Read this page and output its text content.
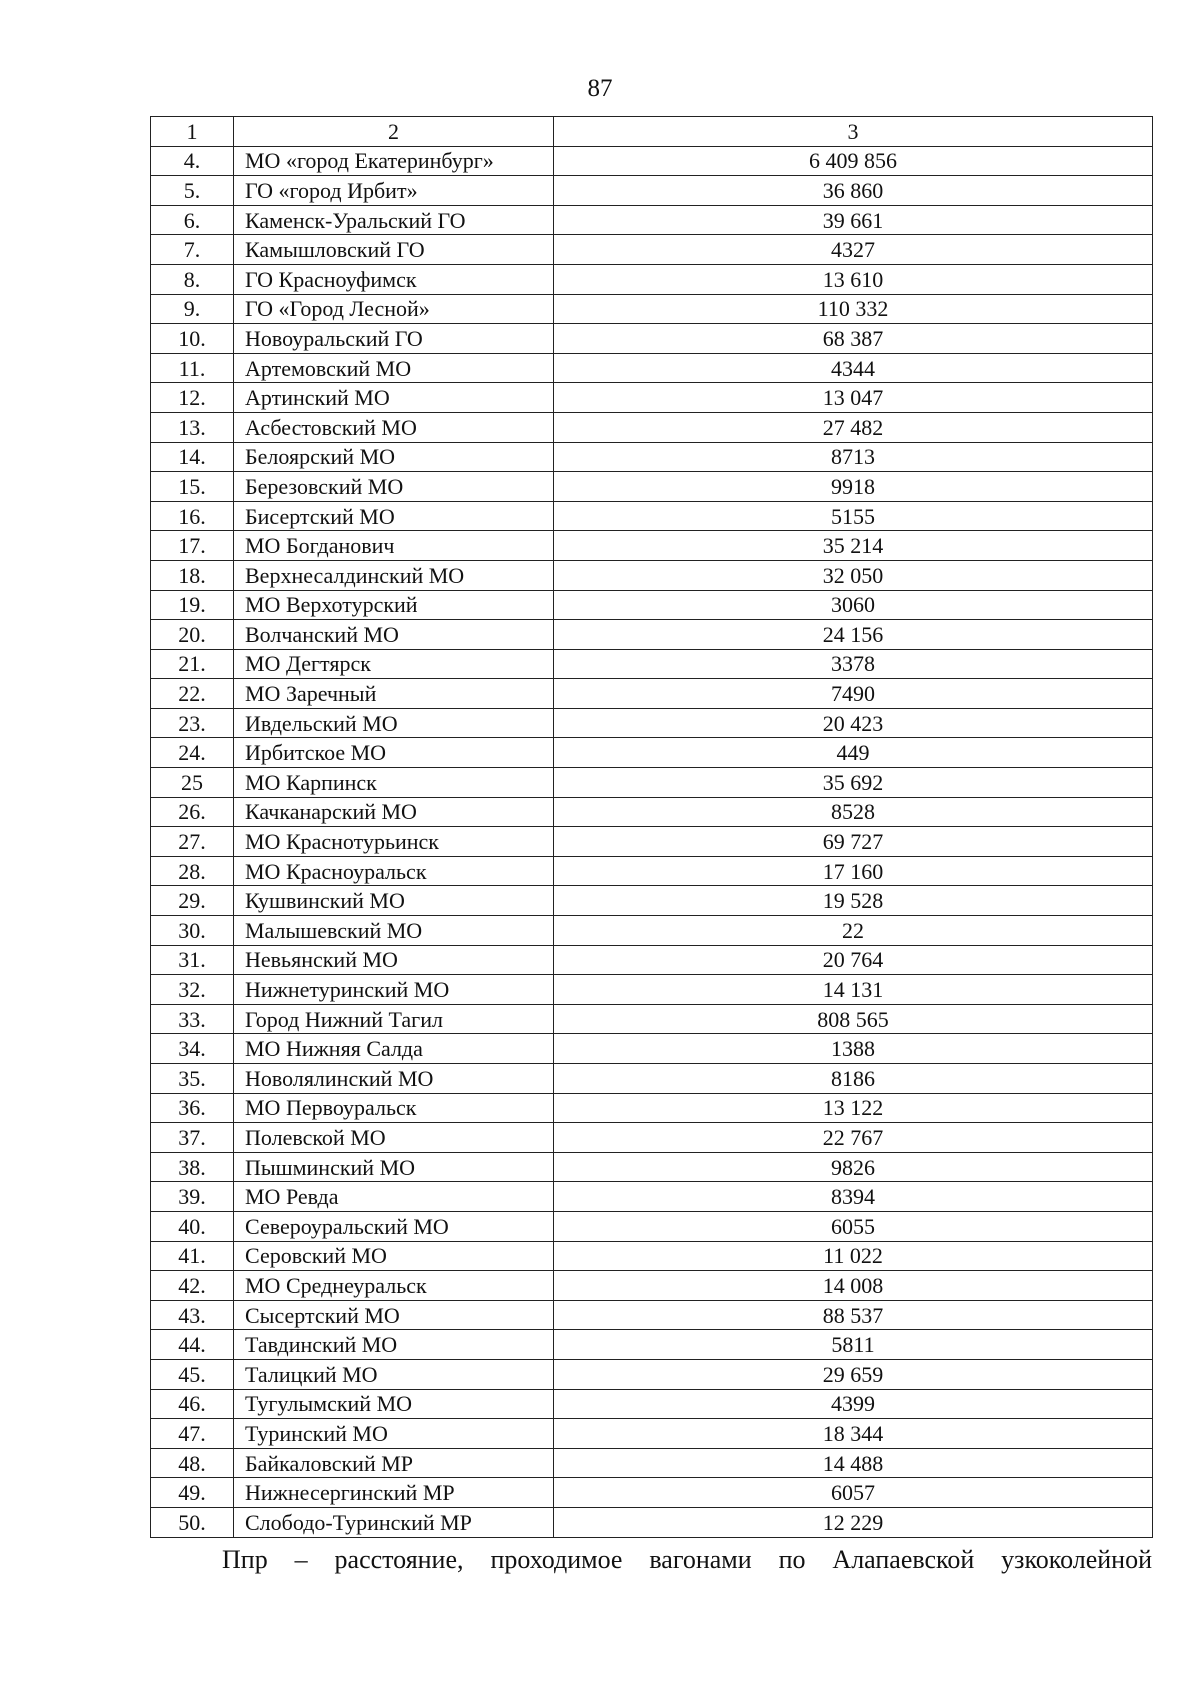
87
1	2	3
4.	МО «город Екатеринбург»	6 409 856
5.	ГО «город Ирбит»	36 860
6.	Каменск-Уральский ГО	39 661
7.	Камышловский ГО	4327
8.	ГО Красноуфимск	13 610
9.	ГО «Город Лесной»	110 332
10.	Новоуральский ГО	68 387
11.	Артемовский МО	4344
12.	Артинский МО	13 047
13.	Асбестовский МО	27 482
14.	Белоярский МО	8713
15.	Березовский МО	9918
16.	Бисертский МО	5155
17.	МО Богданович	35 214
18.	Верхнесалдинский МО	32 050
19.	МО Верхотурский	3060
20.	Волчанский МО	24 156
21.	МО Дегтярск	3378
22.	МО Заречный	7490
23.	Ивдельский МО	20 423
24.	Ирбитское МО	449
25	МО Карпинск	35 692
26.	Качканарский МО	8528
27.	МО Краснотурьинск	69 727
28.	МО Красноуральск	17 160
29.	Кушвинский МО	19 528
30.	Малышевский МО	22
31.	Невьянский МО	20 764
32.	Нижнетуринский МО	14 131
33.	Город Нижний Тагил	808 565
34.	МО Нижняя Салда	1388
35.	Новолялинский МО	8186
36.	МО Первоуральск	13 122
37.	Полевской МО	22 767
38.	Пышминский МО	9826
39.	МО Ревда	8394
40.	Североуральский МО	6055
41.	Серовский МО	11 022
42.	МО Среднеуральск	14 008
43.	Сысертский МО	88 537
44.	Тавдинский МО	5811
45.	Талицкий МО	29 659
46.	Тугулымский МО	4399
47.	Туринский МО	18 344
48.	Байкаловский МР	14 488
49.	Нижнесергинский МР	6057
50.	Слободо-Туринский МР	12 229
Ппр – расстояние, проходимое вагонами по Алапаевской узкоколейной
